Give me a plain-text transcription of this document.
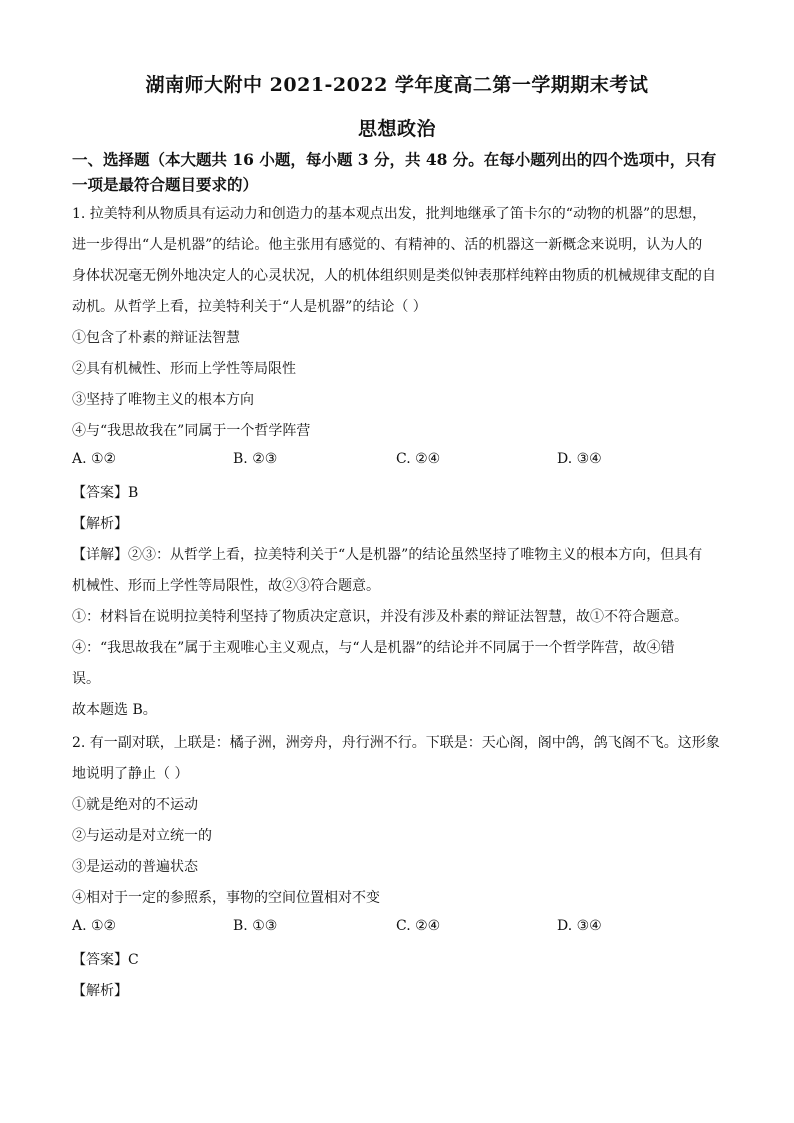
湖南师大附中 2021-2022 学年度高二第一学期期末考试
思想政治
一、选择题（本大题共 16 小题，每小题 3 分，共 48 分。在每小题列出的四个选项中，只有
一项是最符合题目要求的）
1. 拉美特利从物质具有运动力和创造力的基本观点出发，批判地继承了笛卡尔的“动物的机器”的思想，
进一步得出“人是机器”的结论。他主张用有感觉的、有精神的、活的机器这一新概念来说明，认为人的
身体状况毫无例外地决定人的心灵状况，人的机体组织则是类似钟表那样纯粹由物质的机械规律支配的自
动机。从哲学上看，拉美特利关于“人是机器”的结论（ ）
①包含了朴素的辩证法智慧
②具有机械性、形而上学性等局限性
③坚持了唯物主义的根本方向
④与“我思故我在”同属于一个哲学阵营
A. ①②	B. ②③	C. ②④	D. ③④
【答案】B
【解析】
【详解】②③：从哲学上看，拉美特利关于“人是机器”的结论虽然坚持了唯物主义的根本方向，但具有
机械性、形而上学性等局限性，故②③符合题意。
①：材料旨在说明拉美特利坚持了物质决定意识，并没有涉及朴素的辩证法智慧，故①不符合题意。
④：“我思故我在”属于主观唯心主义观点，与“人是机器”的结论并不同属于一个哲学阵营，故④错
误。
故本题选 B。
2. 有一副对联，上联是：橘子洲，洲旁舟，舟行洲不行。下联是：天心阁，阁中鸽，鸽飞阁不飞。这形象
地说明了静止（ ）
①就是绝对的不运动
②与运动是对立统一的
③是运动的普遍状态
④相对于一定的参照系，事物的空间位置相对不变
A. ①②	B. ①③	C. ②④	D. ③④
【答案】C
【解析】
